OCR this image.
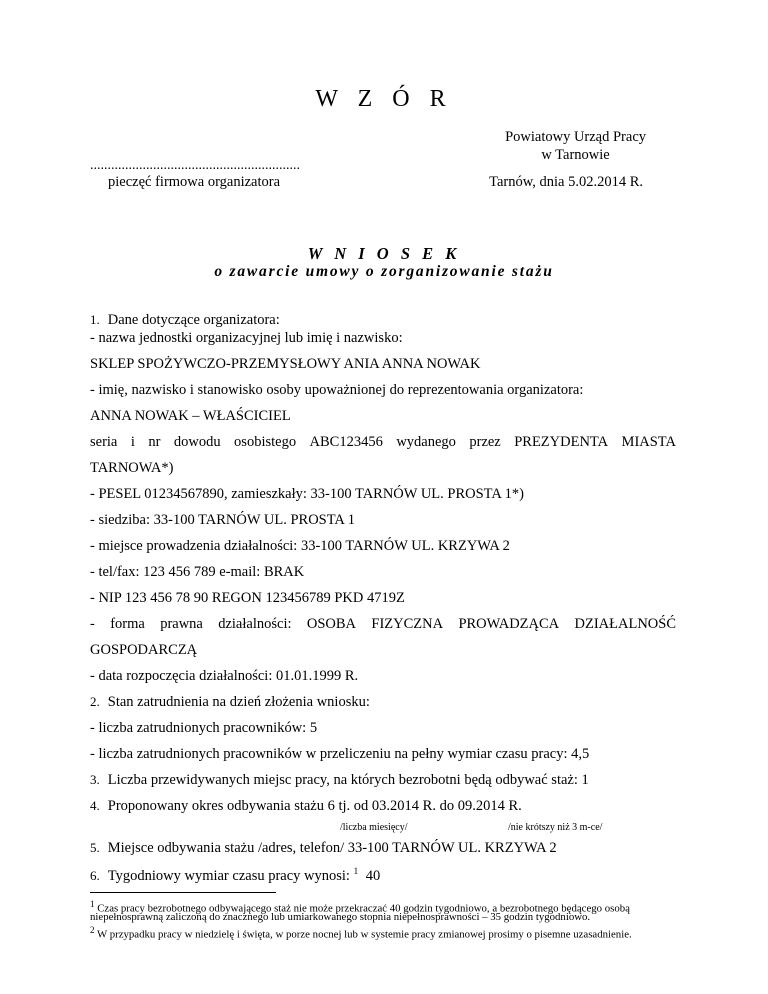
W Z Ó R
Powiatowy Urząd Pracy
w Tarnowie
............................................................
pieczęć firmowa organizatora	Tarnów, dnia 5.02.2014 R.
W N I O S E K
o zawarcie umowy o zorganizowanie stażu
1. Dane dotyczące organizatora:
- nazwa jednostki organizacyjnej lub imię i nazwisko:
SKLEP SPOŻYWCZO-PRZEMYSŁOWY ANIA ANNA NOWAK
- imię, nazwisko i stanowisko osoby upoważnionej do reprezentowania organizatora:
ANNA NOWAK – WŁAŚCICIEL
seria i nr dowodu osobistego ABC123456 wydanego przez PREZYDENTA MIASTA
TARNOWA*)
- PESEL 01234567890, zamieszkały: 33-100 TARNÓW UL. PROSTA 1*)
- siedziba: 33-100 TARNÓW UL. PROSTA 1
- miejsce prowadzenia działalności: 33-100 TARNÓW UL. KRZYWA 2
- tel/fax: 123 456 789 e-mail: BRAK
- NIP 123 456 78 90 REGON 123456789 PKD 4719Z
- forma prawna działalności: OSOBA FIZYCZNA PROWADZĄCA DZIAŁALNOŚĆ
GOSPODARCZĄ
- data rozpoczęcia działalności: 01.01.1999 R.
2. Stan zatrudnienia na dzień złożenia wniosku:
- liczba zatrudnionych pracowników: 5
- liczba zatrudnionych pracowników w przeliczeniu na pełny wymiar czasu pracy: 4,5
3. Liczba przewidywanych miejsc pracy, na których bezrobotni będą odbywać staż: 1
4. Proponowany okres odbywania stażu 6 tj. od 03.2014 R. do 09.2014 R.
/liczba miesięcy/	/nie krótszy niż 3 m-ce/
5. Miejsce odbywania stażu /adres, telefon/ 33-100 TARNÓW UL. KRZYWA 2
6. Tygodniowy wymiar czasu pracy wynosi: $^1$ 40
$^1$ Czas pracy bezrobotnego odbywającego staż nie może przekraczać 40 godzin tygodniowo, a bezrobotnego będącego osobą
niepełnosprawną zaliczoną do znacznego lub umiarkowanego stopnia niepełnosprawności – 35 godzin tygodniowo.
$^2$ W przypadku pracy w niedzielę i święta, w porze nocnej lub w systemie pracy zmianowej prosimy o pisemne uzasadnienie.
